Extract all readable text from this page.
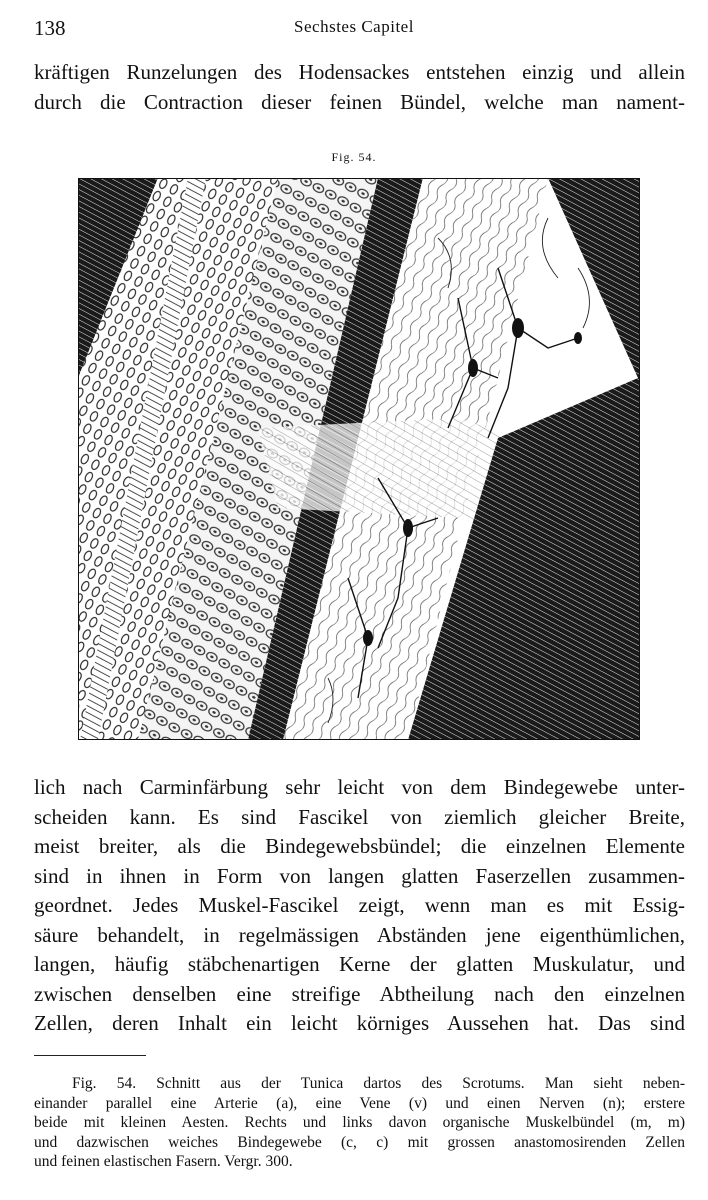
138	Sechstes Capitel
kräftigen Runzelungen des Hodensackes entstehen einzig und allein
durch die Contraction dieser feinen Bündel, welche man nament-
Fig. 54.
lich nach Carminfärbung sehr leicht von dem Bindegewebe unter-
scheiden kann. Es sind Fascikel von ziemlich gleicher Breite,
meist breiter, als die Bindegewebsbündel; die einzelnen Elemente
sind in ihnen in Form von langen glatten Faserzellen zusammen-
geordnet. Jedes Muskel-Fascikel zeigt, wenn man es mit Essig-
säure behandelt, in regelmässigen Abständen jene eigenthümlichen,
langen, häufig stäbchenartigen Kerne der glatten Muskulatur, und
zwischen denselben eine streifige Abtheilung nach den einzelnen
Zellen, deren Inhalt ein leicht körniges Aussehen hat. Das sind
Fig. 54. Schnitt aus der Tunica dartos des Scrotums. Man sieht neben-
einander parallel eine Arterie (a), eine Vene (v) und einen Nerven (n); erstere
beide mit kleinen Aesten. Rechts und links davon organische Muskelbündel (m, m)
und dazwischen weiches Bindegewebe (c, c) mit grossen anastomosirenden Zellen
und feinen elastischen Fasern. Vergr. 300.
